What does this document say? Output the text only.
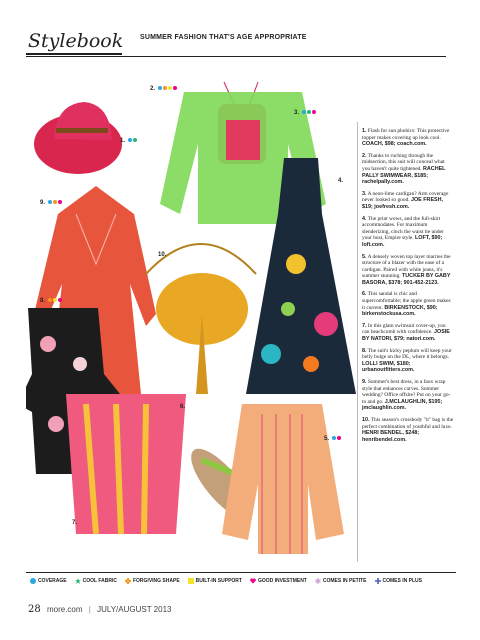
Stylebook SUMMER FASHION THAT'S AGE APPROPRIATE
2.
1.
3.
9.
4.
10.
8.
6.
5.
7.
1. Flash for sun phobics: This protective topper makes covering up look cool. COACH, $98; coach.com.
2. Thanks to ruching through the midsection, this suit will conceal what you haven't quite tightened. RACHEL PALLY SWIMWEAR, $185; rachelpally.com.
3. A neon-lime cardigan? Arm coverage never looked so good. JOE FRESH, $19; joefresh.com.
4. The print wows, and the full-skirt accommodates. For maximum slenderizing, cinch the waist tie under your bust, Empire style. LOFT, $90; loft.com.
5. A densely woven top layer marries the structure of a blazer with the ease of a cardigan. Paired with white jeans, it's summer stunning. TUCKER BY GABY BASORA, $378; 901-452-2123.
6. This sandal is chic and supercomfortable; the apple green makes it current. BIRKENSTOCK, $90; birkenstockusa.com.
7. In this glam swimsuit cover-up, you can beachcomb with confidence. JOSIE BY NATORI, $79; natori.com.
8. The suit's kicky peplum will keep your belly bulge on the DL, where it belongs. LOLLI SWIM, $180; urbanoutfitters.com.
9. Summer's best dress, in a faux wrap style that enhances curves. Summer wedding? Office offsite? Put on your go-to and go. J.MCLAUGHLIN, $195; jmclaughlin.com.
10. This season's crossbody "it" bag is the perfect combination of youthful and luxe. HENRI BENDEL, $248; henribendel.com.
COVERAGE	COOL FABRIC	FORGIVING SHAPE	BUILT-IN SUPPORT	GOOD INVESTMENT	COMES IN PETITE	COMES IN PLUS
28 more.com | JULY/AUGUST 2013
